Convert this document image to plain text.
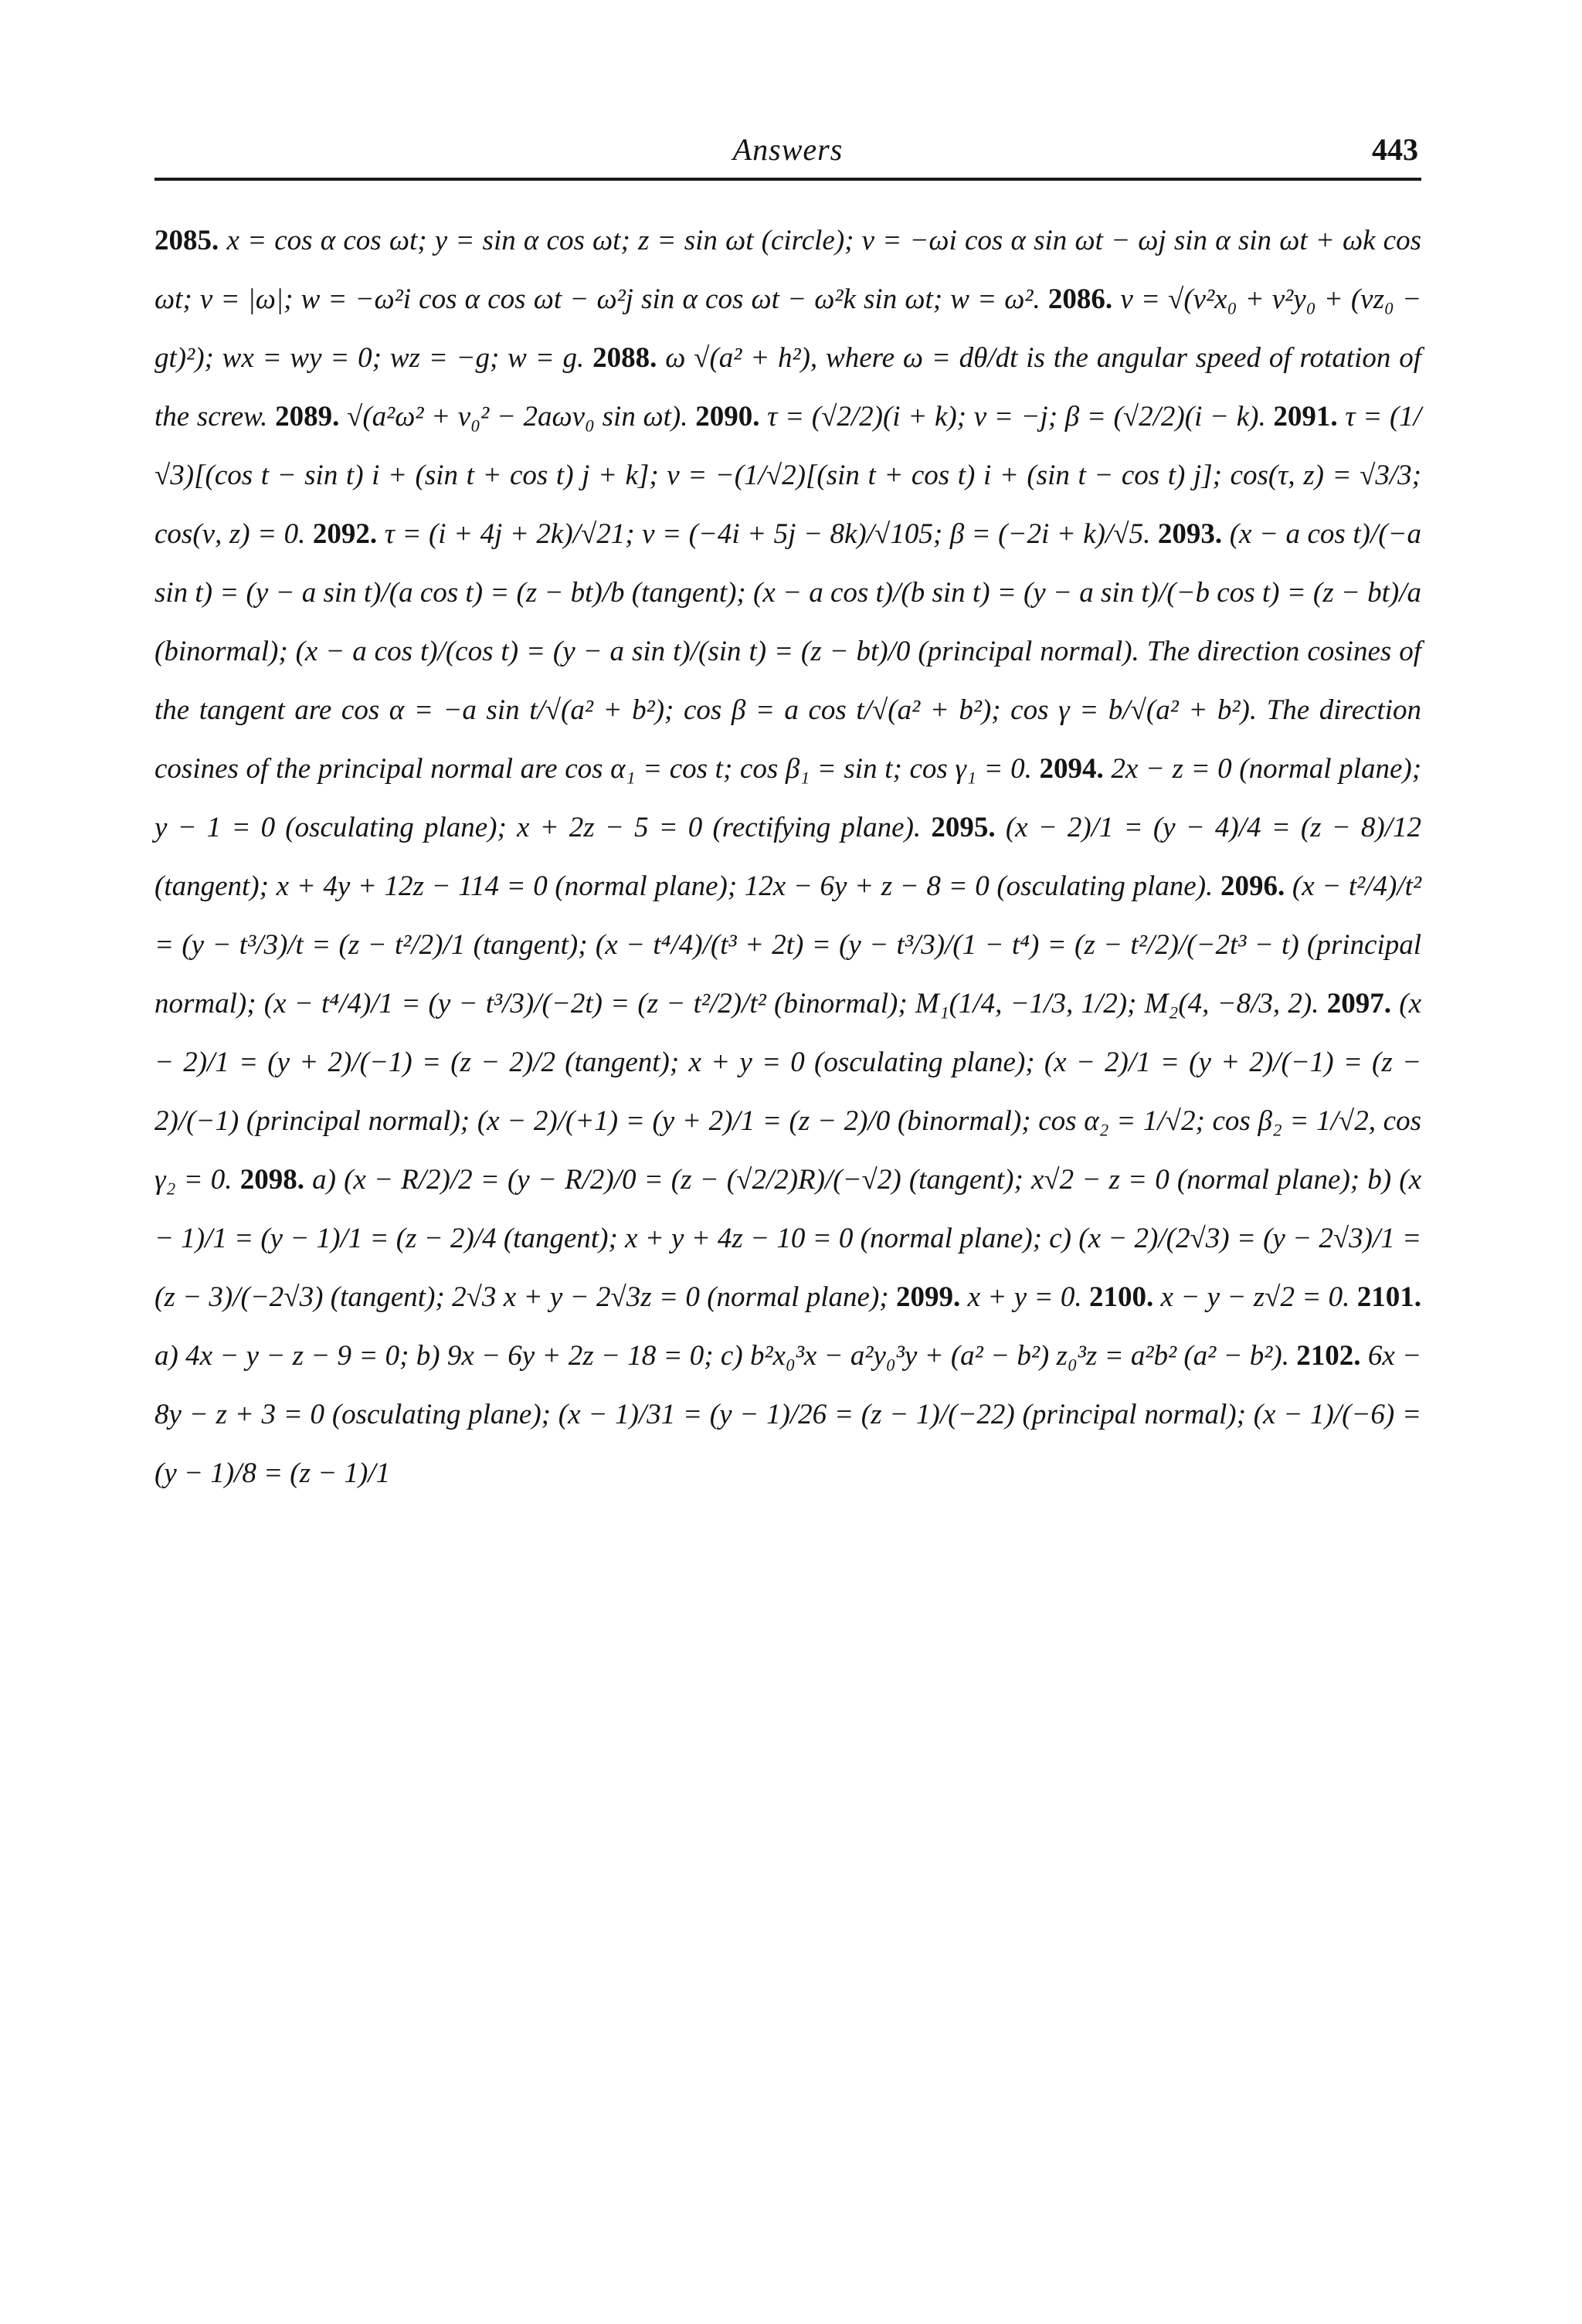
Answers	443

2085. x = cos α cos ωt; y = sin α cos ωt; z = sin ωt (circle); v = −ωi cos α sin ωt − ωj sin α sin ωt + ωk cos ωt; v = |ω|; w = −ω²i cos α cos ωt − ω²j sin α cos ωt − ω²k sin ωt; w = ω². 2086. v = √(v²x₀ + v²y₀ + (vz₀ − gt)²); wx = wy = 0; wz = −g; w = g. 2088. ω √(a² + h²), where ω = dθ/dt is the angular speed of rotation of the screw. 2089. √(a²ω² + v₀² − 2aωv₀ sin ωt). 2090. τ = (√2/2)(i + k); ν = −j; β = (√2/2)(i − k). 2091. τ = (1/√3)[(cos t − sin t) i + (sin t + cos t) j + k]; ν = −(1/√2)[(sin t + cos t) i + (sin t − cos t) j]; cos(τ, z) = √3/3; cos(ν, z) = 0. 2092. τ = (i + 4j + 2k)/√21; ν = (−4i + 5j − 8k)/√105; β = (−2i + k)/√5. 2093. (x − a cos t)/(−a sin t) = (y − a sin t)/(a cos t) = (z − bt)/b (tangent); (x − a cos t)/(b sin t) = (y − a sin t)/(−b cos t) = (z − bt)/a (binormal); (x − a cos t)/(cos t) = (y − a sin t)/(sin t) = (z − bt)/0 (principal normal). The direction cosines of the tangent are cos α = −a sin t/√(a² + b²); cos β = a cos t/√(a² + b²); cos γ = b/√(a² + b²). The direction cosines of the principal normal are cos α₁ = cos t; cos β₁ = sin t; cos γ₁ = 0. 2094. 2x − z = 0 (normal plane); y − 1 = 0 (osculating plane); x + 2z − 5 = 0 (rectifying plane). 2095. (x − 2)/1 = (y − 4)/4 = (z − 8)/12 (tangent); x + 4y + 12z − 114 = 0 (normal plane); 12x − 6y + z − 8 = 0 (osculating plane). 2096. (x − t²/4)/t² = (y − t³/3)/t = (z − t²/2)/1 (tangent); (x − t⁴/4)/(t³ + 2t) = (y − t³/3)/(1 − t⁴) = (z − t²/2)/(−2t³ − t) (principal normal); (x − t⁴/4)/1 = (y − t³/3)/(−2t) = (z − t²/2)/t² (binormal); M₁(1/4, −1/3, 1/2); M₂(4, −8/3, 2). 2097. (x − 2)/1 = (y + 2)/(−1) = (z − 2)/2 (tangent); x + y = 0 (osculating plane); (x − 2)/1 = (y + 2)/(−1) = (z − 2)/(−1) (principal normal); (x − 2)/(+1) = (y + 2)/1 = (z − 2)/0 (binormal); cos α₂ = 1/√2; cos β₂ = 1/√2, cos γ₂ = 0. 2098. a) (x − R/2)/2 = (y − R/2)/0 = (z − (√2/2)R)/(−√2) (tangent); x√2 − z = 0 (normal plane); b) (x − 1)/1 = (y − 1)/1 = (z − 2)/4 (tangent); x + y + 4z − 10 = 0 (normal plane); c) (x − 2)/(2√3) = (y − 2√3)/1 = (z − 3)/(−2√3) (tangent); 2√3 x + y − 2√3z = 0 (normal plane); 2099. x + y = 0. 2100. x − y − z√2 = 0. 2101. a) 4x − y − z − 9 = 0; b) 9x − 6y + 2z − 18 = 0; c) b²x₀³x − a²y₀³y + (a² − b²) z₀³z = a²b² (a² − b²). 2102. 6x − 8y − z + 3 = 0 (osculating plane); (x − 1)/31 = (y − 1)/26 = (z − 1)/(−22) (principal normal); (x − 1)/(−6) = (y − 1)/8 = (z − 1)/1
